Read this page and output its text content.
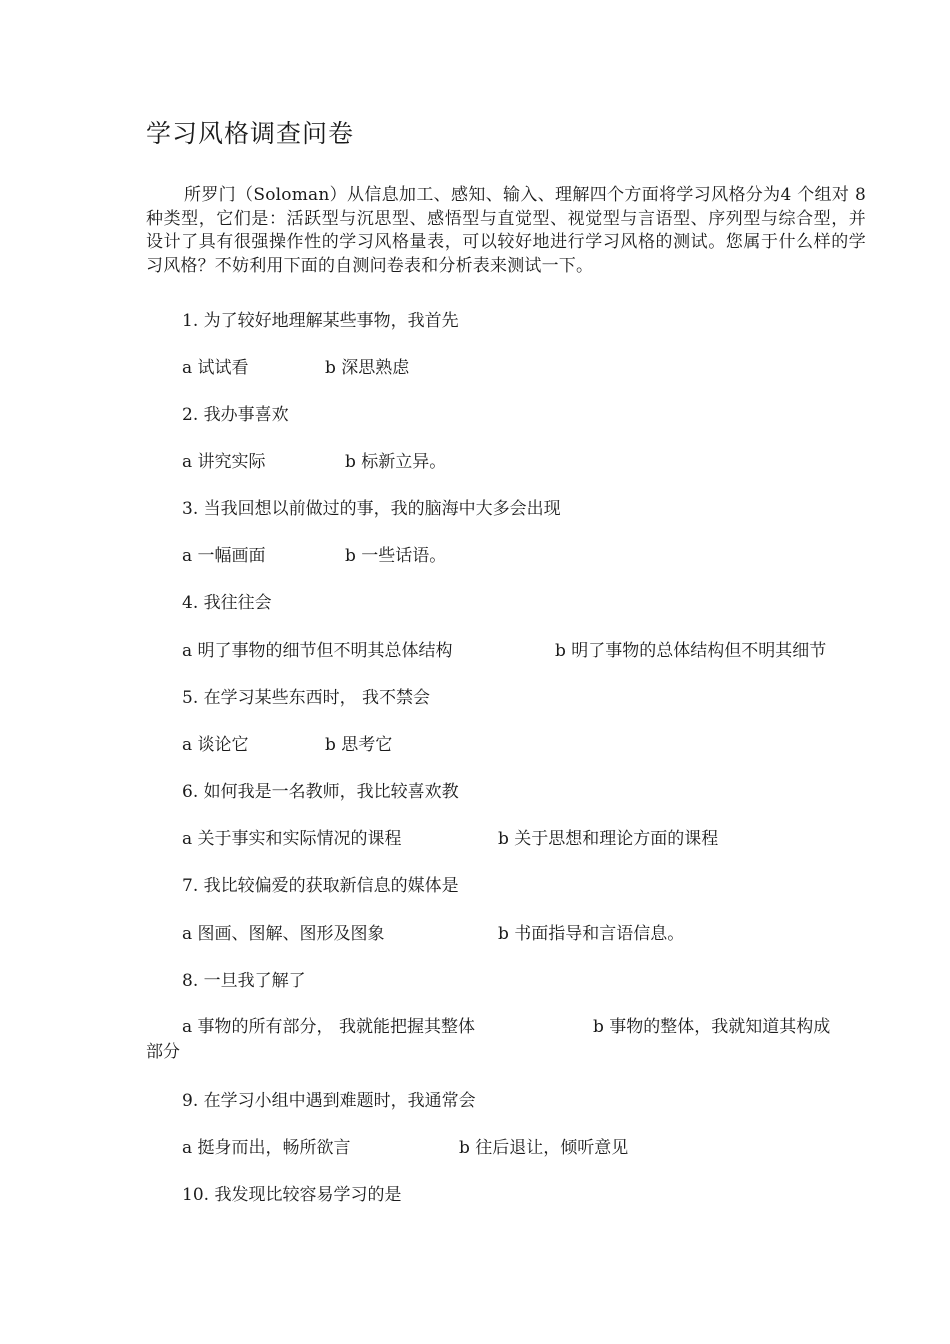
学习风格调查问卷
所罗门（Soloman）从信息加工、感知、输入、理解四个方面将学习风格分为4 个组对 8 种类型，它们是：活跃型与沉思型、感悟型与直觉型、视觉型与言语型、序列型与综合型，并设计了具有很强操作性的学习风格量表，可以较好地进行学习风格的测试。您属于什么样的学习风格？不妨利用下面的自测问卷表和分析表来测试一下。
1. 为了较好地理解某些事物，我首先
a 试试看	b 深思熟虑
2. 我办事喜欢
a 讲究实际	b 标新立异。
3. 当我回想以前做过的事，我的脑海中大多会出现
a 一幅画面	b 一些话语。
4. 我往往会
a 明了事物的细节但不明其总体结构	b 明了事物的总体结构但不明其细节
5. 在学习某些东西时， 我不禁会
a 谈论它	b 思考它
6. 如何我是一名教师，我比较喜欢教
a 关于事实和实际情况的课程	b 关于思想和理论方面的课程
7. 我比较偏爱的获取新信息的媒体是
a 图画、图解、图形及图象	b 书面指导和言语信息。
8. 一旦我了解了
a 事物的所有部分， 我就能把握其整体	b 事物的整体，我就知道其构成
部分
9. 在学习小组中遇到难题时，我通常会
a 挺身而出，畅所欲言	b 往后退让，倾听意见
10. 我发现比较容易学习的是
